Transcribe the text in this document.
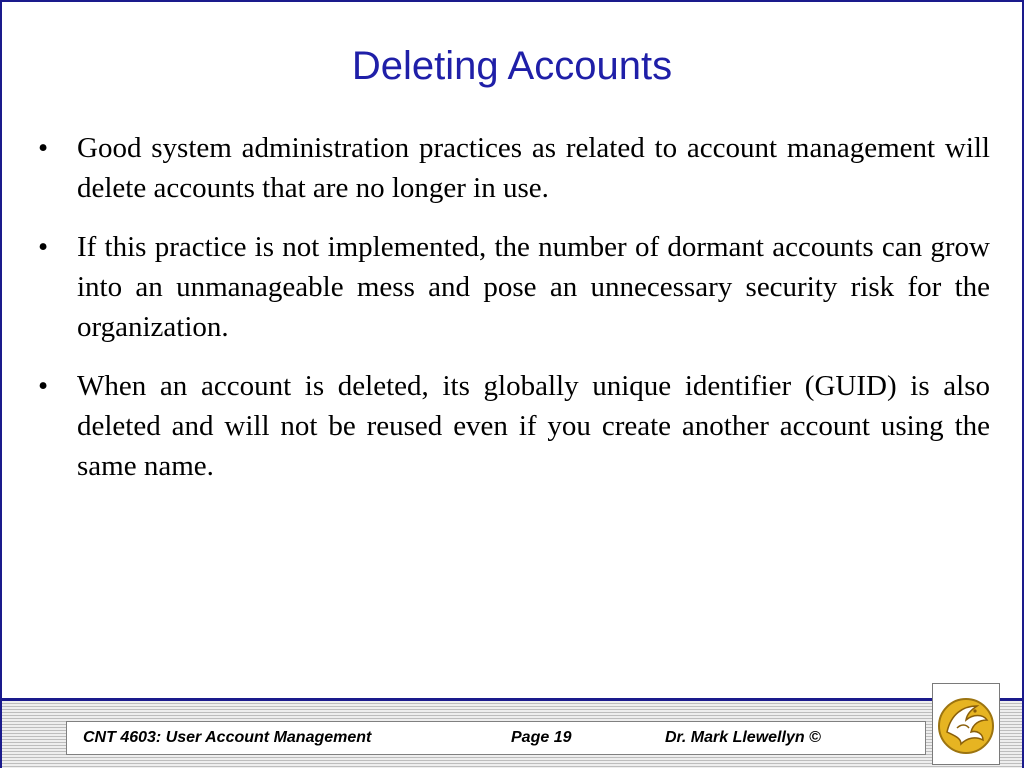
Deleting Accounts
• Good system administration practices as related to account management will delete accounts that are no longer in use.
• If this practice is not implemented, the number of dormant accounts can grow into an unmanageable mess and pose an unnecessary security risk for the organization.
• When an account is deleted, its globally unique identifier (GUID) is also deleted and will not be reused even if you create another account using the same name.
CNT 4603: User Account Management	Page 19	Dr. Mark Llewellyn ©
